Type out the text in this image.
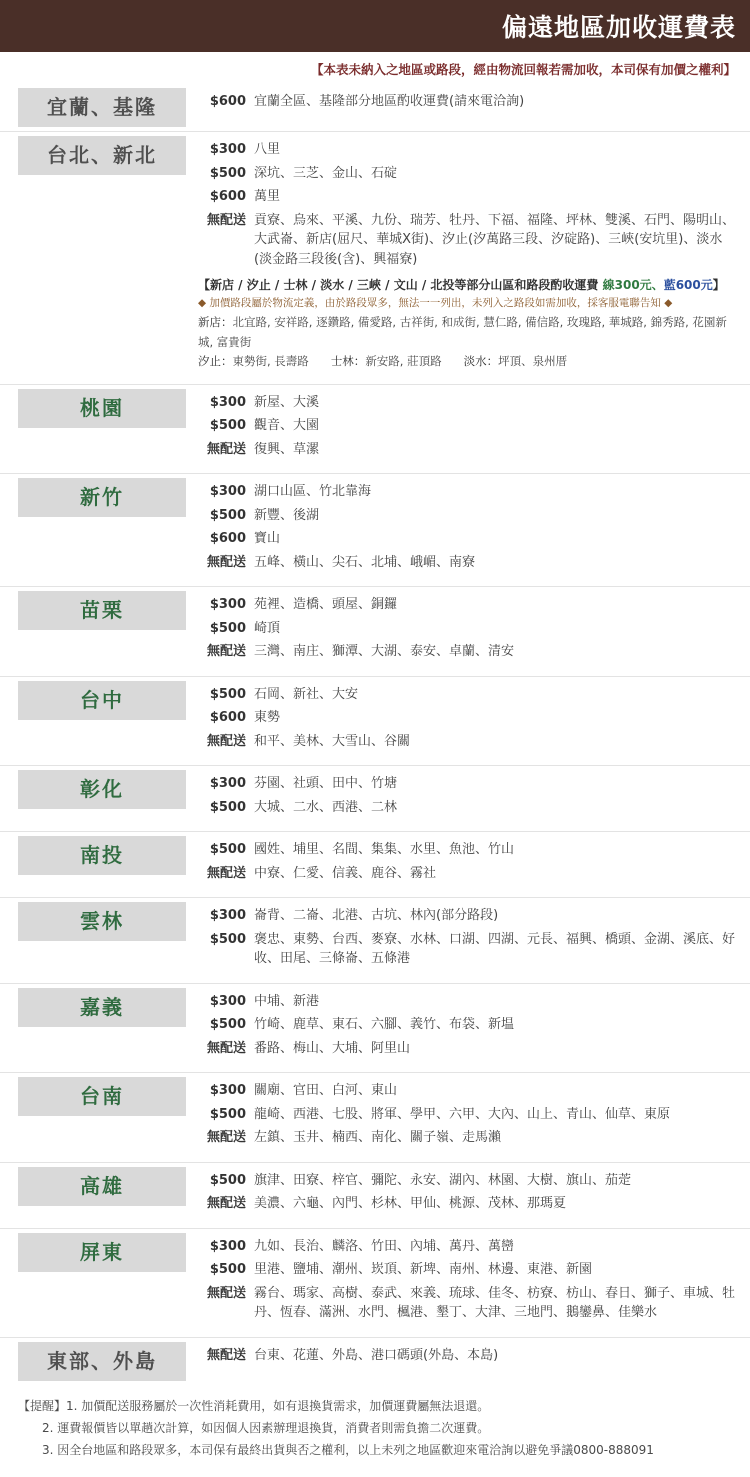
偏遠地區加收運費表
【本表未納入之地區或路段，經由物流回報若需加收，本司保有加價之權利】
宜蘭、基隆	$600 宜蘭全區、基隆部分地區酌收運費(請來電洽詢)

台北、新北	$300 八里
$500 深坑、三芝、金山、石碇
$600 萬里
無配送 貢寮、烏來、平溪、九份、瑞芳、牡丹、下福、福隆、坪林、雙溪、石門、陽明山、大武崙、新店(屈尺、華城X街)、汐止(汐萬路三段、汐碇路)、三峽(安坑里)、淡水(淡金路三段後(含)、興福寮)
【新店 / 汐止 / 士林 / 淡水 / 三峽 / 文山 / 北投等部分山區和路段酌收運費 線300元、藍600元】
◆ 加價路段屬於物流定義，由於路段眾多，無法一一列出，未列入之路段如需加收，採客服電聯告知 ◆
新店：北宜路, 安祥路, 逐鑽路, 備愛路, 古祥街, 和成街, 慧仁路, 備信路, 玫瑰路, 華城路, 錦秀路, 花園新城, 富貴街
汐止：東勢街, 長壽路 士林：新安路, 莊頂路 淡水：坪頂、泉州厝

桃園	$300 新屋、大溪
$500 觀音、大園
無配送 復興、草漯

新竹	$300 湖口山區、竹北靠海
$500 新豐、後湖
$600 寶山
無配送 五峰、橫山、尖石、北埔、峨嵋、南寮

苗栗	$300 苑裡、造橋、頭屋、銅鑼
$500 崎頂
無配送 三灣、南庄、獅潭、大湖、泰安、卓蘭、清安

台中	$500 石岡、新社、大安
$600 東勢
無配送 和平、美林、大雪山、谷關

彰化	$300 芬園、社頭、田中、竹塘
$500 大城、二水、西港、二林

南投	$500 國姓、埔里、名間、集集、水里、魚池、竹山
無配送 中寮、仁愛、信義、鹿谷、霧社

雲林	$300 崙背、二崙、北港、古坑、林內(部分路段)
$500 褒忠、東勢、台西、麥寮、水林、口湖、四湖、元長、福興、橋頭、金湖、溪底、好收、田尾、三條崙、五條港

嘉義	$300 中埔、新港
$500 竹崎、鹿草、東石、六腳、義竹、布袋、新塭
無配送 番路、梅山、大埔、阿里山

台南	$300 關廟、官田、白河、東山
$500 龍崎、西港、七股、將軍、學甲、六甲、大內、山上、青山、仙草、東原
無配送 左鎮、玉井、楠西、南化、關子嶺、走馬瀨

高雄	$500 旗津、田寮、梓官、彌陀、永安、湖內、林園、大樹、旗山、茄萣
無配送 美濃、六龜、內門、杉林、甲仙、桃源、茂林、那瑪夏

屏東	$300 九如、長治、麟洛、竹田、內埔、萬丹、萬巒
$500 里港、鹽埔、潮州、崁頂、新埤、南州、林邊、東港、新園
無配送 霧台、瑪家、高樹、泰武、來義、琉球、佳冬、枋寮、枋山、春日、獅子、車城、牡丹、恆春、滿洲、水門、楓港、墾丁、大津、三地門、鵝鑾鼻、佳樂水

東部、外島	無配送 台東、花蓮、外島、港口碼頭(外島、本島)
【提醒】1. 加價配送服務屬於一次性消耗費用，如有退換貨需求，加價運費屬無法退還。
2. 運費報價皆以單趟次計算，如因個人因素辦理退換貨，消費者則需負擔二次運費。
3. 因全台地區和路段眾多，本司保有最終出貨與否之權利，以上未列之地區歡迎來電洽詢以避免爭議0800-888091
